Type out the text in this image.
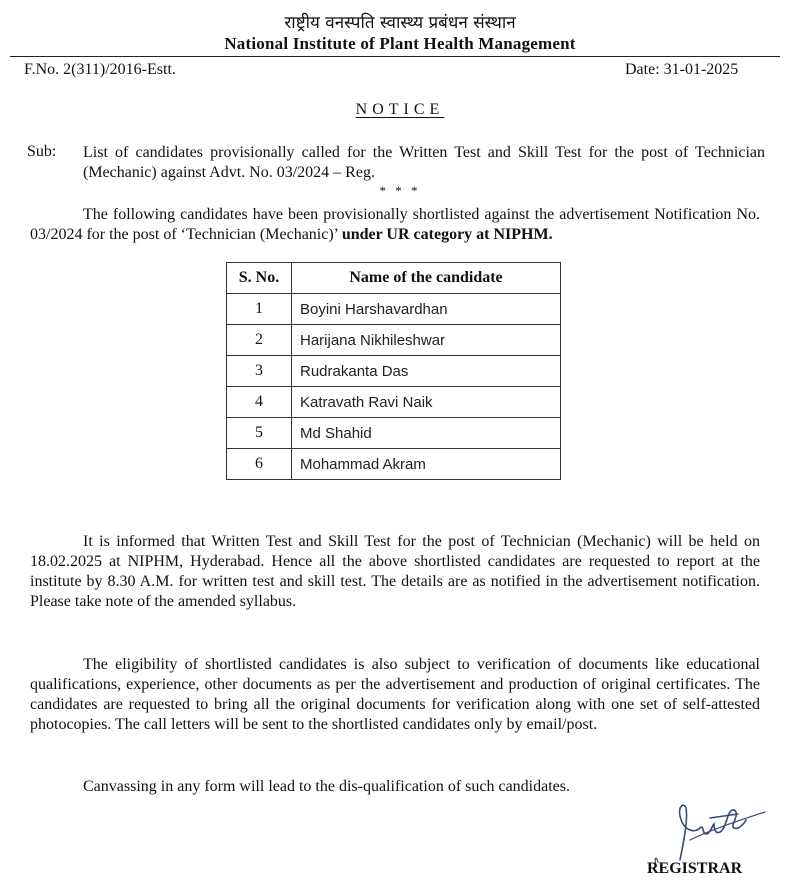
राष्ट्रीय वनस्पति स्वास्थ्य प्रबंधन संस्थान
National Institute of Plant Health Management
F.No. 2(311)/2016-Estt.	Date: 31-01-2025
NOTICE
Sub: List of candidates provisionally called for the Written Test and Skill Test for the post of Technician (Mechanic) against Advt. No. 03/2024 – Reg.
* * *
The following candidates have been provisionally shortlisted against the advertisement Notification No. 03/2024 for the post of ‘Technician (Mechanic)’ under UR category at NIPHM.
S. No.	Name of the candidate
1	Boyini Harshavardhan
2	Harijana Nikhileshwar
3	Rudrakanta Das
4	Katravath Ravi Naik
5	Md Shahid
6	Mohammad Akram
It is informed that Written Test and Skill Test for the post of Technician (Mechanic) will be held on 18.02.2025 at NIPHM, Hyderabad. Hence all the above shortlisted candidates are requested to report at the institute by 8.30 A.M. for written test and skill test. The details are as notified in the advertisement notification. Please take note of the amended syllabus.
The eligibility of shortlisted candidates is also subject to verification of documents like educational qualifications, experience, other documents as per the advertisement and production of original certificates. The candidates are requested to bring all the original documents for verification along with one set of self-attested photocopies. The call letters will be sent to the shortlisted candidates only by email/post.
Canvassing in any form will lead to the dis-qualification of such candidates.
REGISTRAR
